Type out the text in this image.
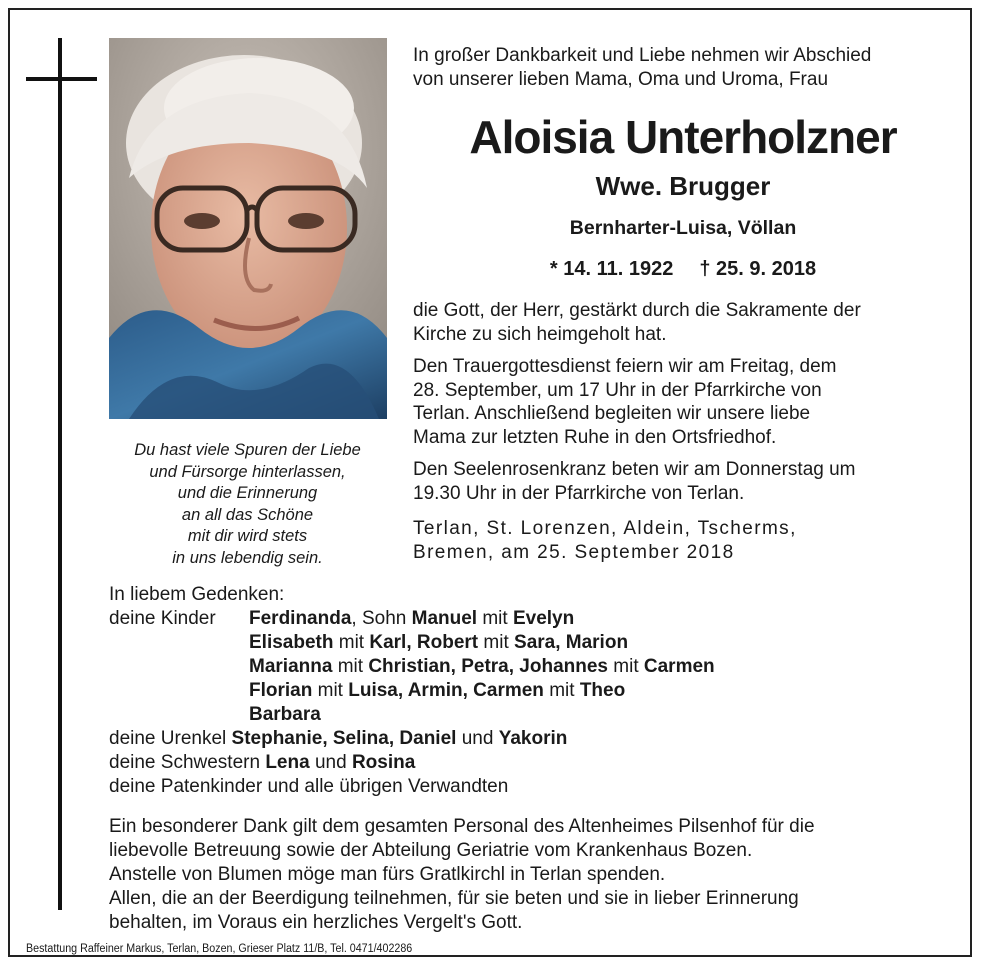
Du hast viele Spuren der Liebe
und Fürsorge hinterlassen,
und die Erinnerung
an all das Schöne
mit dir wird stets
in uns lebendig sein.
In großer Dankbarkeit und Liebe nehmen wir Abschied
von unserer lieben Mama, Oma und Uroma, Frau
Aloisia Unterholzner
Wwe. Brugger
Bernharter-Luisa, Völlan
* 14. 11. 1922 † 25. 9. 2018
die Gott, der Herr, gestärkt durch die Sakramente der
Kirche zu sich heimgeholt hat.
Den Trauergottesdienst feiern wir am Freitag, dem
28. September, um 17 Uhr in der Pfarrkirche von
Terlan. Anschließend begleiten wir unsere liebe
Mama zur letzten Ruhe in den Ortsfriedhof.
Den Seelenrosenkranz beten wir am Donnerstag um
19.30 Uhr in der Pfarrkirche von Terlan.
Terlan, St. Lorenzen, Aldein, Tscherms,
Bremen, am 25. September 2018
In liebem Gedenken:
deine Kinder Ferdinanda, Sohn Manuel mit Evelyn
Elisabeth mit Karl, Robert mit Sara, Marion
Marianna mit Christian, Petra, Johannes mit Carmen
Florian mit Luisa, Armin, Carmen mit Theo
Barbara
deine Urenkel Stephanie, Selina, Daniel und Yakorin
deine Schwestern Lena und Rosina
deine Patenkinder und alle übrigen Verwandten
Ein besonderer Dank gilt dem gesamten Personal des Altenheimes Pilsenhof für die
liebevolle Betreuung sowie der Abteilung Geriatrie vom Krankenhaus Bozen.
Anstelle von Blumen möge man fürs Gratlkirchl in Terlan spenden.
Allen, die an der Beerdigung teilnehmen, für sie beten und sie in lieber Erinnerung
behalten, im Voraus ein herzliches Vergelt's Gott.
Bestattung Raffeiner Markus, Terlan, Bozen, Grieser Platz 11/B, Tel. 0471/402286
